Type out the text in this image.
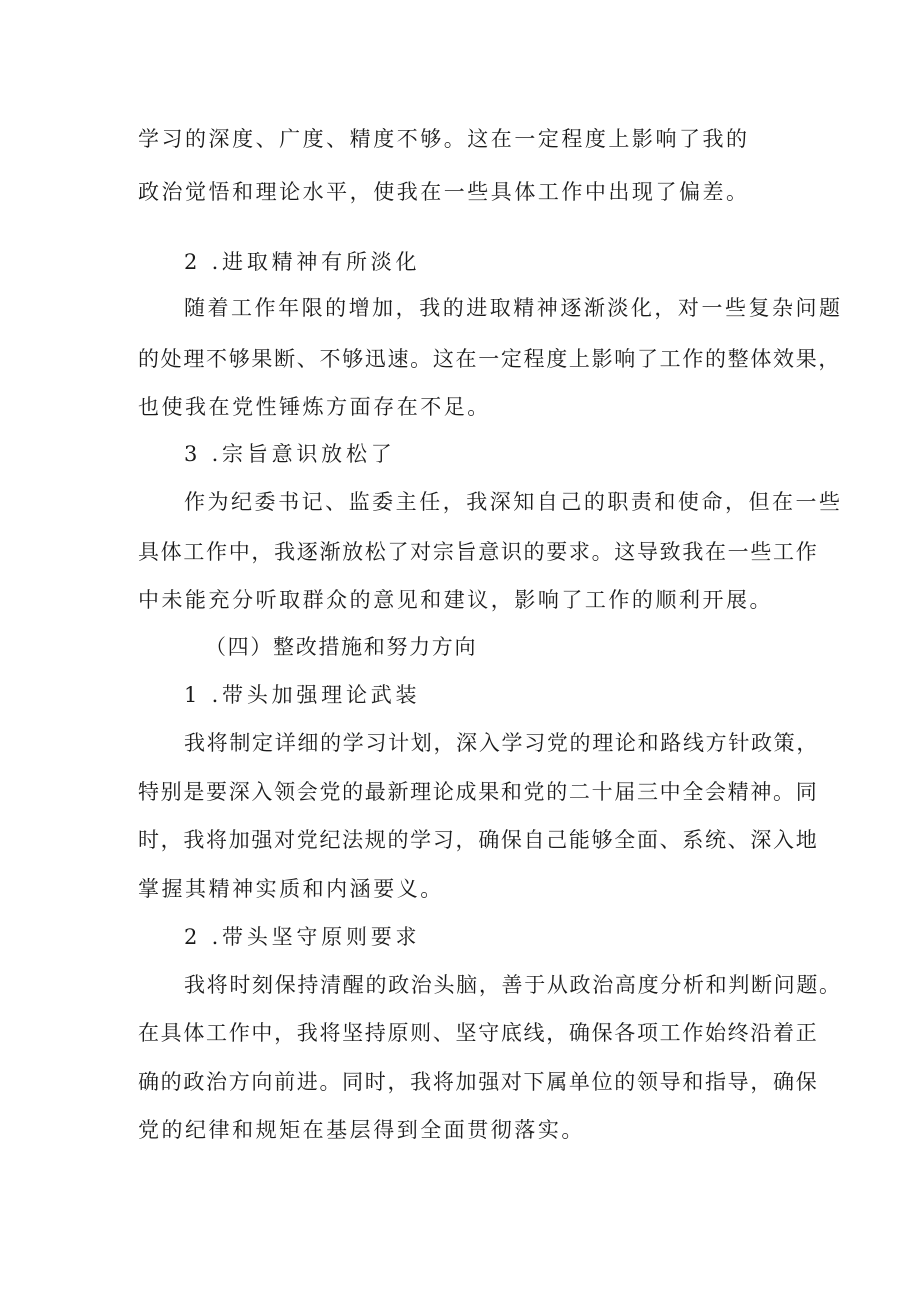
学习的深度、广度、精度不够。这在一定程度上影响了我的
政治觉悟和理论水平，使我在一些具体工作中出现了偏差。
2 .进取精神有所淡化
随着工作年限的增加，我的进取精神逐渐淡化，对一些复杂问题
的处理不够果断、不够迅速。这在一定程度上影响了工作的整体效果，
也使我在党性锤炼方面存在不足。
3 .宗旨意识放松了
作为纪委书记、监委主任，我深知自己的职责和使命，但在一些
具体工作中，我逐渐放松了对宗旨意识的要求。这导致我在一些工作
中未能充分听取群众的意见和建议，影响了工作的顺利开展。
（四）整改措施和努力方向
1 .带头加强理论武装
我将制定详细的学习计划，深入学习党的理论和路线方针政策，
特别是要深入领会党的最新理论成果和党的二十届三中全会精神。同
时，我将加强对党纪法规的学习，确保自己能够全面、系统、深入地
掌握其精神实质和内涵要义。
2 .带头坚守原则要求
我将时刻保持清醒的政治头脑，善于从政治高度分析和判断问题。
在具体工作中，我将坚持原则、坚守底线，确保各项工作始终沿着正
确的政治方向前进。同时，我将加强对下属单位的领导和指导，确保
党的纪律和规矩在基层得到全面贯彻落实。
